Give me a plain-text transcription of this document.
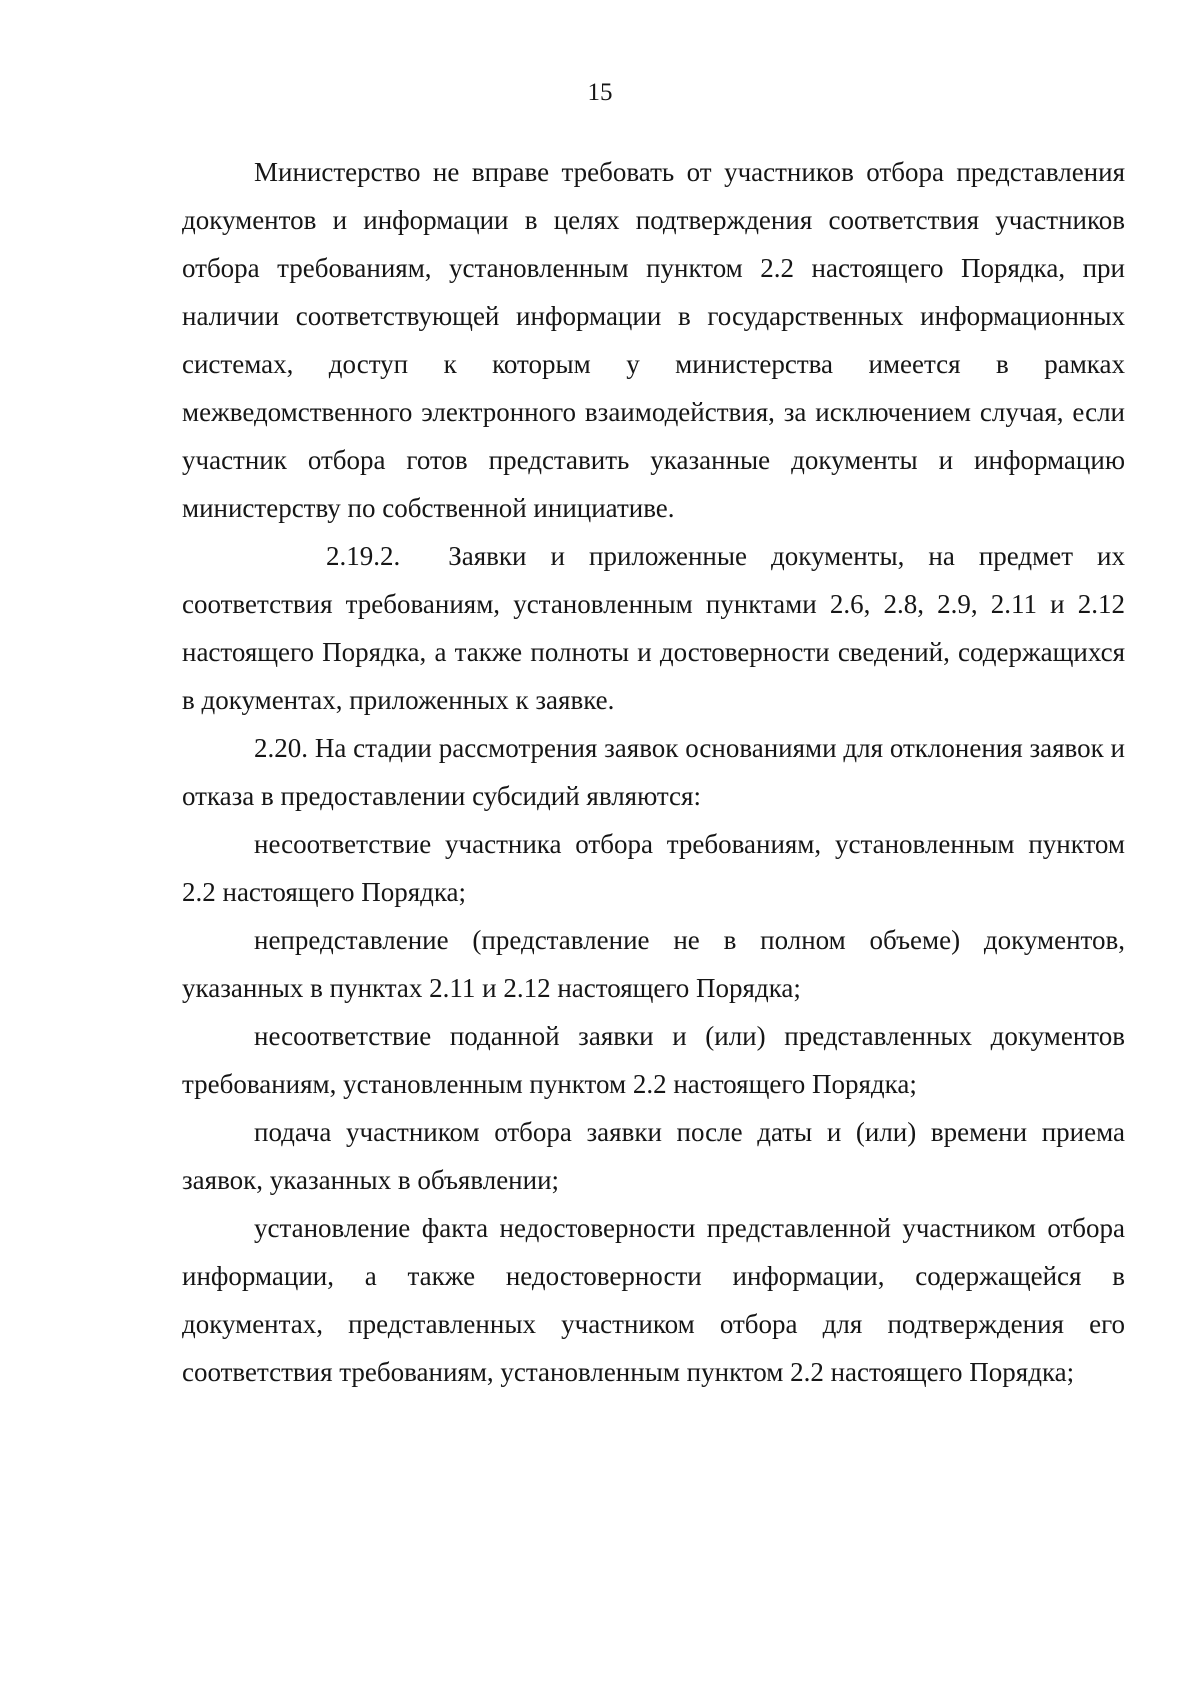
15

Министерство не вправе требовать от участников отбора представления документов и информации в целях подтверждения соответствия участников отбора требованиям, установленным пунктом 2.2 настоящего Порядка, при наличии соответствующей информации в государственных информационных системах, доступ к которым у министерства имеется в рамках межведомственного электронного взаимодействия, за исключением случая, если участник отбора готов представить указанные документы и информацию министерству по собственной инициативе.

2.19.2. Заявки и приложенные документы, на предмет их соответствия требованиям, установленным пунктами 2.6, 2.8, 2.9, 2.11 и 2.12 настоящего Порядка, а также полноты и достоверности сведений, содержащихся в документах, приложенных к заявке.

2.20. На стадии рассмотрения заявок основаниями для отклонения заявок и отказа в предоставлении субсидий являются:

несоответствие участника отбора требованиям, установленным пунктом 2.2 настоящего Порядка;

непредставление (представление не в полном объеме) документов, указанных в пунктах 2.11 и 2.12 настоящего Порядка;

несоответствие поданной заявки и (или) представленных документов требованиям, установленным пунктом 2.2 настоящего Порядка;

подача участником отбора заявки после даты и (или) времени приема заявок, указанных в объявлении;

установление факта недостоверности представленной участником отбора информации, а также недостоверности информации, содержащейся в документах, представленных участником отбора для подтверждения его соответствия требованиям, установленным пунктом 2.2 настоящего Порядка;
